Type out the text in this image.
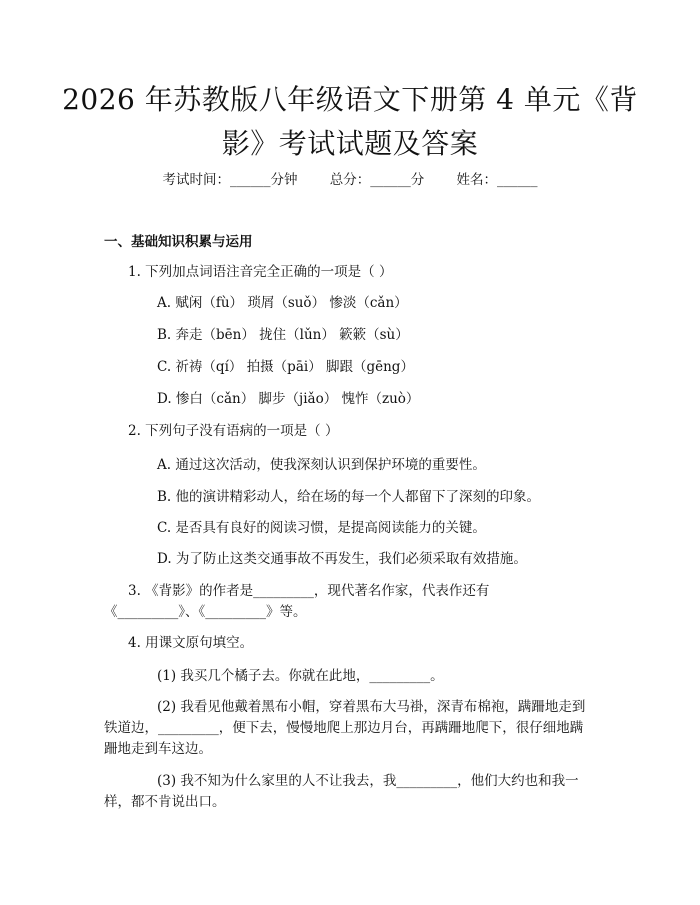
2026 年苏教版八年级语文下册第 4 单元《背
影》考试试题及答案
考试时间：______分钟 总分：______分 姓名：______
一、基础知识积累与运用
1. 下列加点词语注音完全正确的一项是（ ）
A. 赋闲（fù） 琐屑（suǒ） 惨淡（cǎn）
B. 奔走（bēn） 拢住（lǔn） 簌簌（sù）
C. 祈祷（qí） 拍摄（pāi） 脚跟（gēng）
D. 惨白（cǎn） 脚步（jiǎo） 愧怍（zuò）
2. 下列句子没有语病的一项是（ ）
A. 通过这次活动，使我深刻认识到保护环境的重要性。
B. 他的演讲精彩动人，给在场的每一个人都留下了深刻的印象。
C. 是否具有良好的阅读习惯，是提高阅读能力的关键。
D. 为了防止这类交通事故不再发生，我们必须采取有效措施。
3. 《背影》的作者是_________，现代著名作家，代表作还有
《_________》、《_________》等。
4. 用课文原句填空。
(1) 我买几个橘子去。你就在此地，_________。
(2) 我看见他戴着黑布小帽，穿着黑布大马褂，深青布棉袍，蹒跚地走到
铁道边，_________，便下去，慢慢地爬上那边月台，再蹒跚地爬下，很仔细地蹒
跚地走到车这边。
(3) 我不知为什么家里的人不让我去，我_________，他们大约也和我一
样，都不肯说出口。
